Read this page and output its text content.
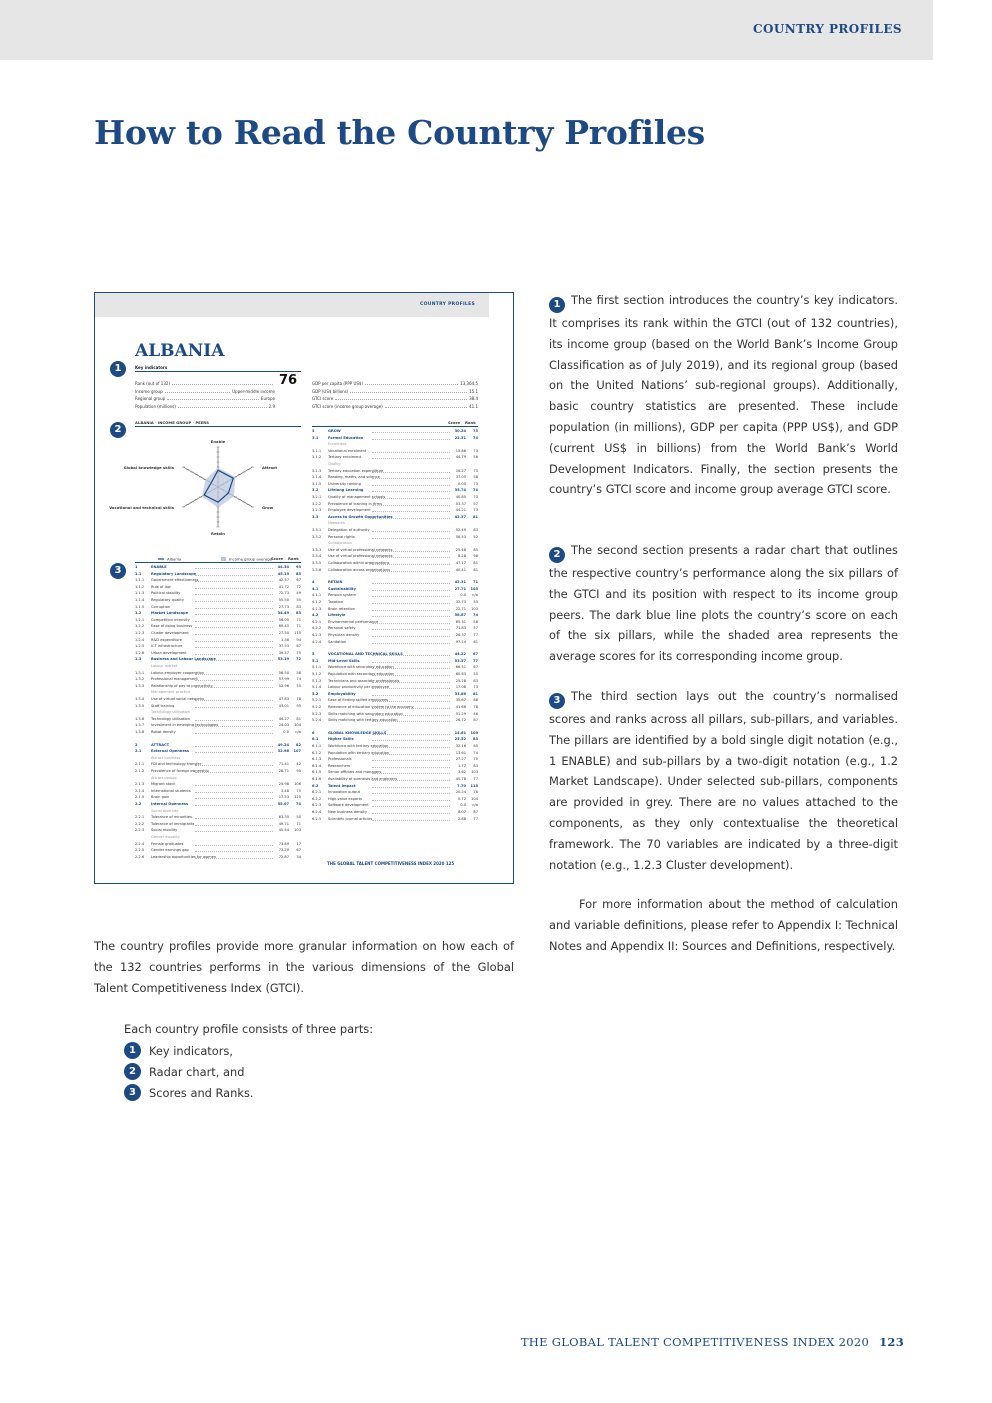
COUNTRY PROFILES
How to Read the Country Profiles
COUNTRY PROFILES
ALBANIA
Key indicators
76
Rank (out of 132)
Income group	Upper-middle income
Regional group	Europe
Population (millions)	2.9
GDP per capita (PPP US$)	13,364.5
GDP (US$ billions)	15.1
GTCI score	38.4
GTCI score (income group average)	41.1
ALBANIA · INCOME GROUP · PEERS
Enable
Attract
Grow
Retain
Vocational and technical skills
Global knowledge skills
Albania	Income group average Score Rank
1	ENABLE	44.34 93
1.1	Regulatory Landscape	45.19 85
1.1.1	Government effectiveness	42.57 67
1.1.2	Rule of law	41.72 72
1.1.3	Political stability	72.73 49
1.1.4	Regulatory quality	55.50 55
1.1.5	Corruption	27.73 83
1.2	Market Landscape	34.49 83
1.2.1	Competition intensity	56.05 71
1.2.2	Ease of doing business	69.45 71
1.2.3	Cluster development	27.50 115
1.2.4	R&D expenditure	1.38 94
1.2.5	ICT infrastructure	37.53 87
1.2.6	Urban development	39.57 75
1.3	Business and Labour Landscape	53.19 72
Labour market
1.3.1	Labour-employer cooperation	58.50 58
1.3.2	Professional management	57.99 74
1.3.3	Relationship of pay to productivity	52.96 55
Management practice
1.3.4	Use of virtual social networks	47.83 78
1.3.5	Staff training	43.01 95
Technology utilisation
1.3.6	Technology utilisation	44.27 81
1.3.7	Investment in emerging technologies	24.03 104
1.3.8	Robot density	0.0 n/a
2	ATTRACT	49.24 82
2.1	External Openness	32.98 107
Attract business
2.1.1	FDI and technology transfer	71.41 42
2.1.2	Prevalence of foreign ownership	28.71 95
Attract people
2.1.3	Migrant stock	25.98 106
2.1.4	International students	3.48 75
2.1.5	Brain gain	17.53 125
2.2	Internal Openness	55.07 74
Social diversity
2.2.1	Tolerance of minorities	63.35 50
2.2.2	Tolerance of immigrants	49.71 71
2.2.3	Social mobility	45.44 103
Gender equality
2.2.4	Female graduates	73.89 17
2.2.5	Gender earnings gap	73.20 67
2.2.6	Leadership opportunities for women	72.87 34
Score Rank
3	GROW	30.24 73
3.1	Formal Education	22.51 74
Enrolment
3.1.1	Vocational enrolment	15.86 73
3.1.2	Tertiary enrolment	44.79 56
Quality
3.1.3	Tertiary education expenditure	16.27 73
3.1.4	Reading, maths, and science	37.05 58
3.1.5	University ranking	0.00 73
3.2	Lifelong Learning	35.74 74
3.2.1	Quality of management schools	40.85 73
3.2.2	Prevalence of training in firms	53.37 57
3.2.3	Employee development	44.21 73
3.3	Access to Growth Opportunities	42.37 81
Networks
3.3.1	Delegation of authority	52.49 83
3.3.2	Personal rights	58.53 52
Collaboration
3.3.3	Use of virtual professional networks	25.48 85
3.3.4	Use of virtual professional networks	8.28 98
3.3.5	Collaboration within organisations	47.17 81
3.3.6	Collaboration across organisations	40.41 81
4	RETAIN	42.31 71
4.1	Sustainability	27.71 105
4.1.1	Pension system	0.0 n/a
4.1.2	Taxation	32.73 55
4.1.3	Brain retention	22.71 103
4.2	Lifestyle	56.87 74
4.2.1	Environmental performance	65.31 56
4.2.2	Personal safety	71.83 57
4.2.3	Physician density	28.37 77
4.2.4	Sanitation	97.14 61
5	VOCATIONAL AND TECHNICAL SKILLS	44.22 67
5.1	Mid-Level Skills	53.57 77
5.1.1	Workforce with secondary education	66.51 67
5.1.2	Population with secondary education	60.63 55
5.1.3	Technicians and associate professionals	25.28 83
5.1.4	Labour productivity per employee	17.08 73
5.2	Employability	33.86 81
5.2.1	Ease of finding skilled employees	35.67 88
5.2.2	Relevance of education system to the economy	41.66 78
5.2.3	Skills matching with secondary education	51.29 46
5.2.4	Skills matching with tertiary education	26.72 87
6	GLOBAL KNOWLEDGE SKILLS	14.61 109
6.1	Higher Skills	25.52 83
6.1.1	Workforce with tertiary education	32.16 65
6.1.2	Population with tertiary education	13.61 74
6.1.3	Professionals	27.27 75
6.1.4	Researchers	1.77 83
6.1.5	Senior officials and managers	3.62 103
6.1.6	Availability of scientists and engineers	45.78 77
6.2	Talent Impact	7.70 115
6.2.1	Innovation output	20.24 76
6.2.2	High-value exports	0.72 104
6.2.3	Software development	0.0 n/a
6.2.4	New business density	8.07 87
6.2.5	Scientific journal articles	2.88 77
THE GLOBAL TALENT COMPETITIVENESS INDEX 2020 125
1
2
3
1 The first section introduces the country’s key indicators. It comprises its rank within the GTCI (out of 132 countries), its income group (based on the World Bank’s Income Group Classification as of July 2019), and its regional group (based on the United Nations’ sub-regional groups). Additionally, basic country statistics are presented. These include population (in millions), GDP per capita (PPP US$), and GDP (current US$ in billions) from the World Bank’s World Development Indicators. Finally, the section presents the country’s GTCI score and income group average GTCI score.
2 The second section presents a radar chart that outlines the respective country’s performance along the six pillars of the GTCI and its position with respect to its income group peers. The dark blue line plots the country’s score on each of the six pillars, while the shaded area represents the average scores for its corresponding income group.
3 The third section lays out the country’s normalised scores and ranks across all pillars, sub-pillars, and variables. The pillars are identified by a bold single digit notation (e.g., 1 ENABLE) and sub-pillars by a two-digit notation (e.g., 1.2 Market Landscape). Under selected sub-pillars, components are provided in grey. There are no values attached to the components, as they only contextualise the theoretical framework. The 70 variables are indicated by a three-digit notation (e.g., 1.2.3 Cluster development).
For more information about the method of calculation and variable definitions, please refer to Appendix I: Technical Notes and Appendix II: Sources and Definitions, respectively.
The country profiles provide more granular information on how each of the 132 countries performs in the various dimensions of the Global Talent Competitiveness Index (GTCI).
Each country profile consists of three parts:
1	Key indicators,
2	Radar chart, and
3	Scores and Ranks.
THE GLOBAL TALENT COMPETITIVENESS INDEX 2020 123
